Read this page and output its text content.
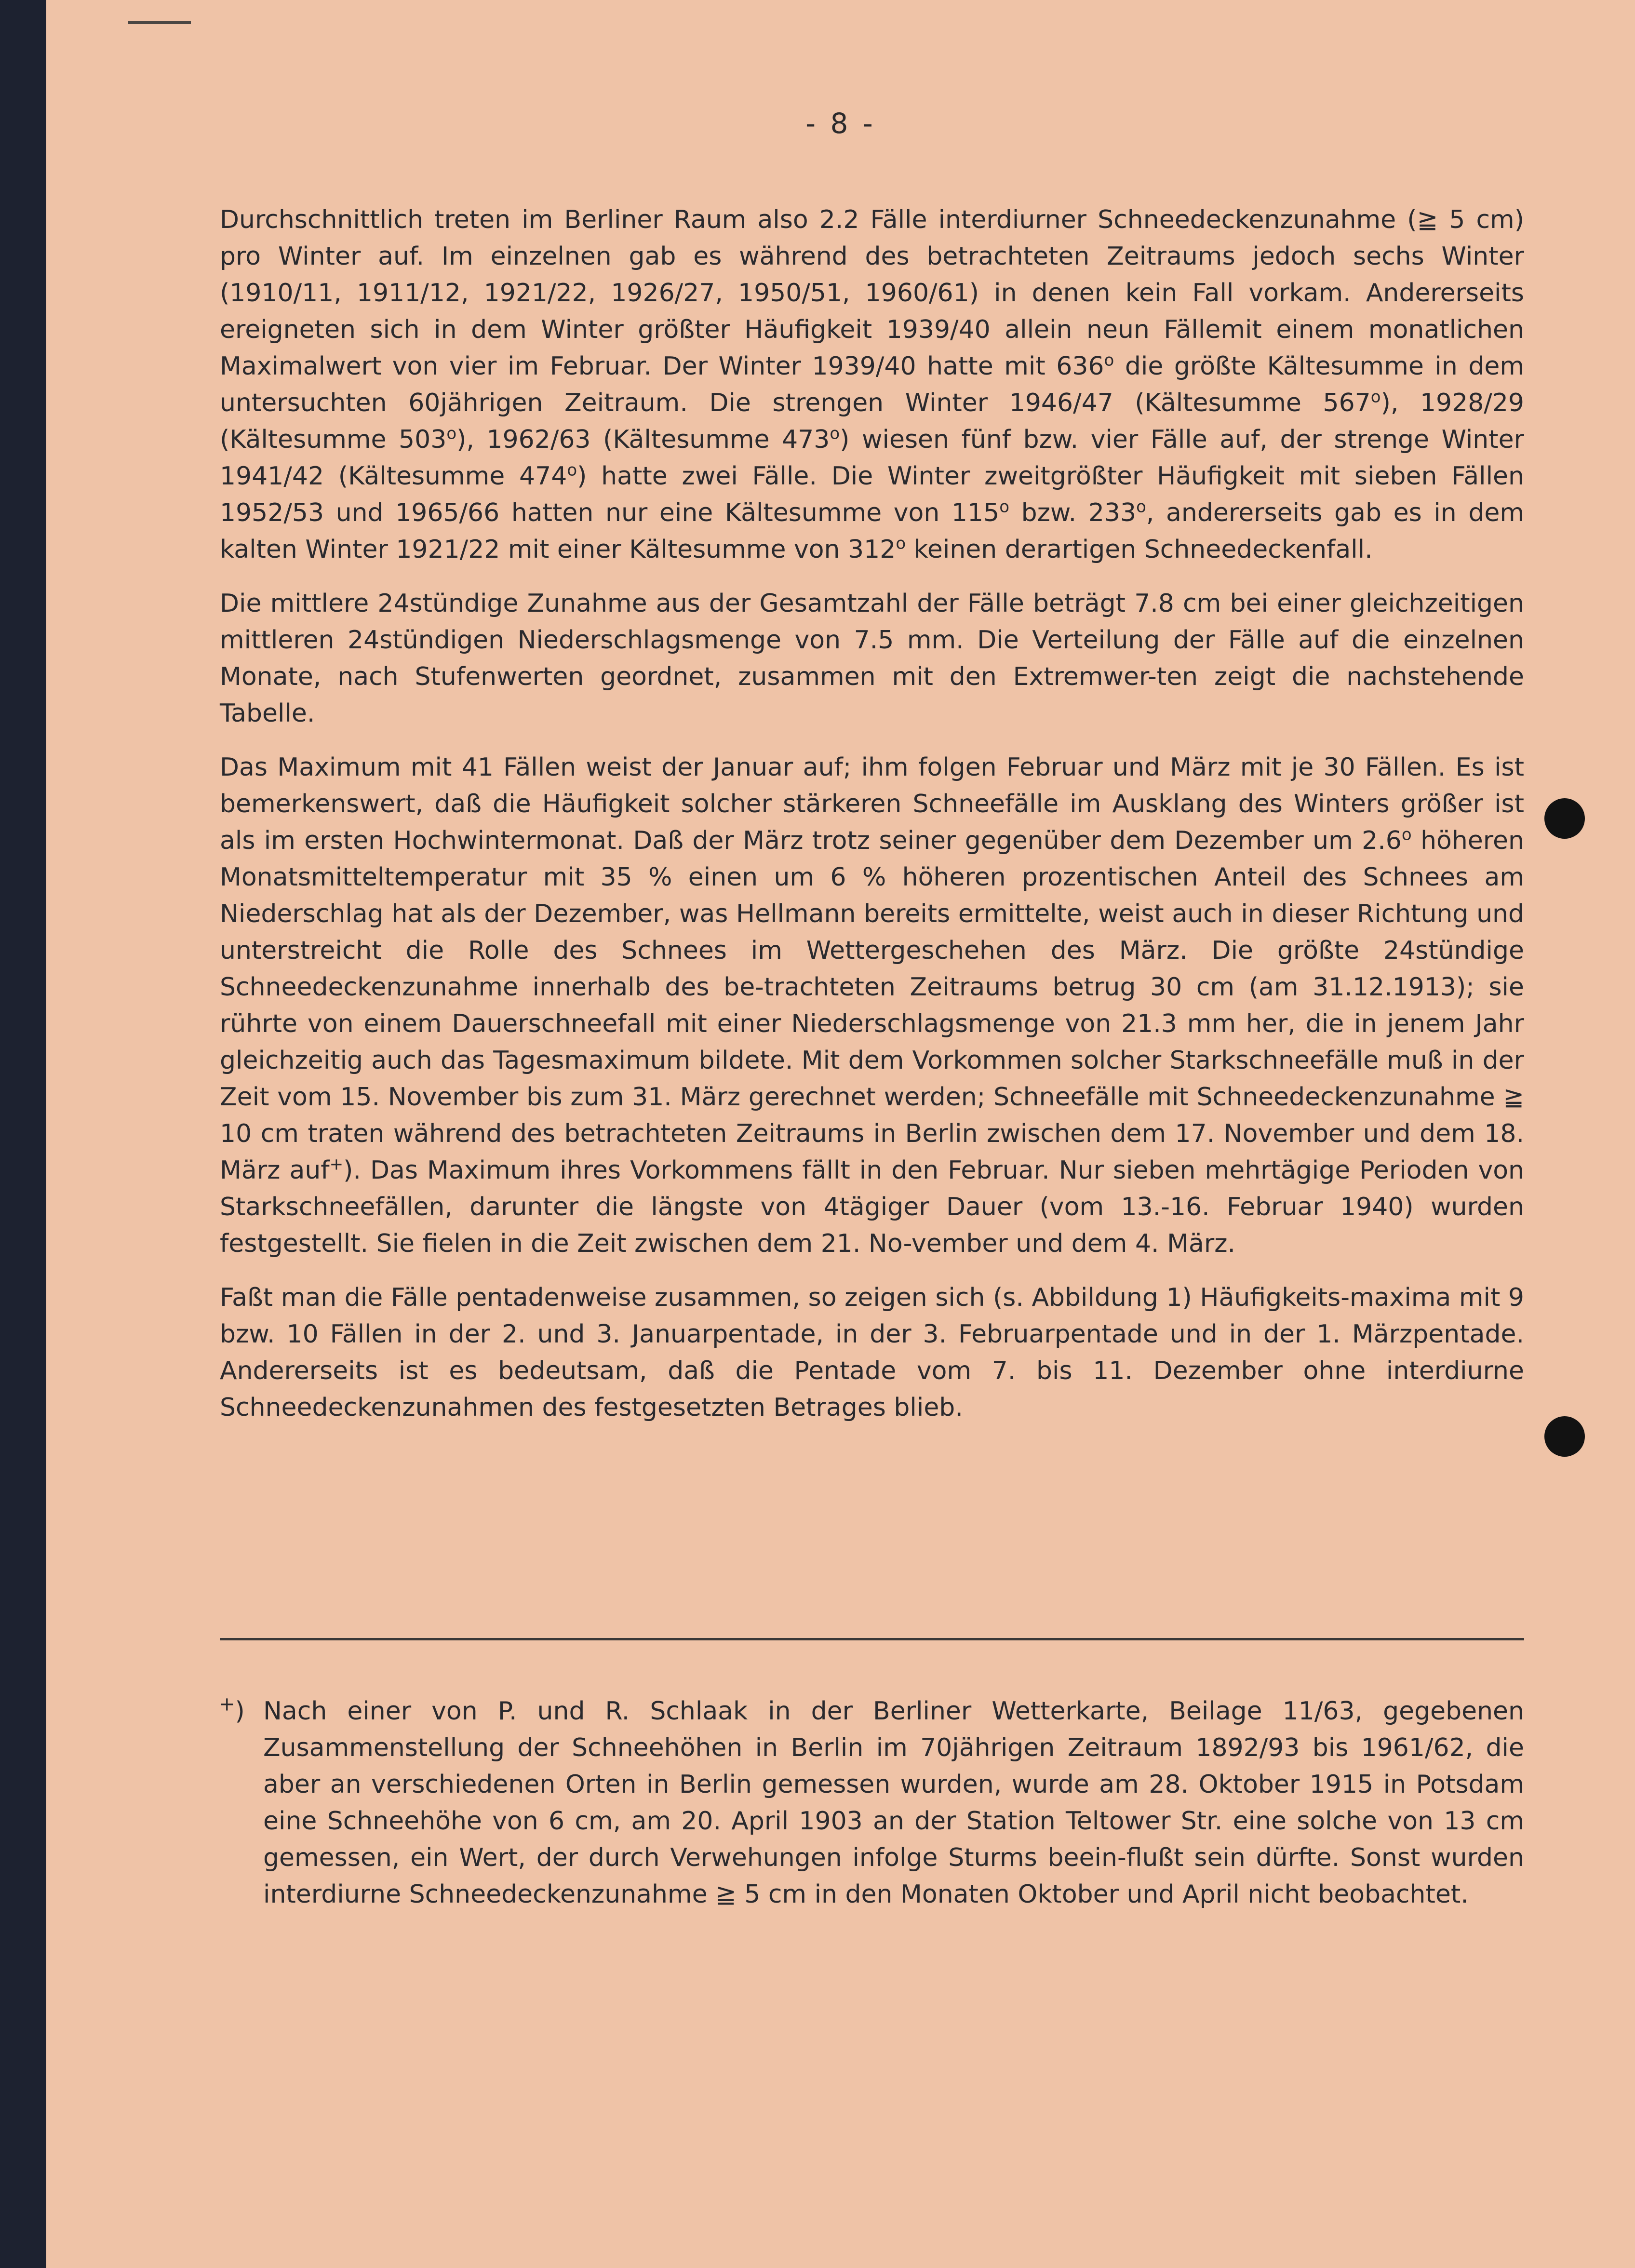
- 8 -

Durchschnittlich treten im Berliner Raum also 2.2 Fälle interdiurner Schneedeckenzunahme (≧ 5 cm) pro Winter auf. Im einzelnen gab es während des betrachteten Zeitraums jedoch sechs Winter (1910/11, 1911/12, 1921/22, 1926/27, 1950/51, 1960/61) in denen kein Fall vorkam. Andererseits ereigneten sich in dem Winter größter Häufigkeit 1939/40 allein neun Fällemit einem monatlichen Maximalwert von vier im Februar. Der Winter 1939/40 hatte mit 636$^o$ die größte Kältesumme in dem untersuchten 60jährigen Zeitraum. Die strengen Winter 1946/47 (Kältesumme 567$^o$), 1928/29 (Kältesumme 503$^o$), 1962/63 (Kältesumme 473$^o$) wiesen fünf bzw. vier Fälle auf, der strenge Winter 1941/42 (Kältesumme 474$^o$) hatte zwei Fälle. Die Winter zweitgrößter Häufigkeit mit sieben Fällen 1952/53 und 1965/66 hatten nur eine Kältesumme von 115$^o$ bzw. 233$^o$, andererseits gab es in dem kalten Winter 1921/22 mit einer Kältesumme von 312$^o$ keinen derartigen Schneedeckenfall.

Die mittlere 24stündige Zunahme aus der Gesamtzahl der Fälle beträgt 7.8 cm bei einer gleichzeitigen mittleren 24stündigen Niederschlagsmenge von 7.5 mm. Die Verteilung der Fälle auf die einzelnen Monate, nach Stufenwerten geordnet, zusammen mit den Extremwer-ten zeigt die nachstehende Tabelle.

Das Maximum mit 41 Fällen weist der Januar auf; ihm folgen Februar und März mit je 30 Fällen. Es ist bemerkenswert, daß die Häufigkeit solcher stärkeren Schneefälle im Ausklang des Winters größer ist als im ersten Hochwintermonat. Daß der März trotz seiner gegenüber dem Dezember um 2.6$^o$ höheren Monatsmitteltemperatur mit 35 % einen um 6 % höheren prozentischen Anteil des Schnees am Niederschlag hat als der Dezember, was Hellmann bereits ermittelte, weist auch in dieser Richtung und unterstreicht die Rolle des Schnees im Wettergeschehen des März. Die größte 24stündige Schneedeckenzunahme innerhalb des be-trachteten Zeitraums betrug 30 cm (am 31.12.1913); sie rührte von einem Dauerschneefall mit einer Niederschlagsmenge von 21.3 mm her, die in jenem Jahr gleichzeitig auch das Tagesmaximum bildete. Mit dem Vorkommen solcher Starkschneefälle muß in der Zeit vom 15. November bis zum 31. März gerechnet werden; Schneefälle mit Schneedeckenzunahme ≧ 10 cm traten während des betrachteten Zeitraums in Berlin zwischen dem 17. November und dem 18. März auf+). Das Maximum ihres Vorkommens fällt in den Februar. Nur sieben mehrtägige Perioden von Starkschneefällen, darunter die längste von 4tägiger Dauer (vom 13.-16. Februar 1940) wurden festgestellt. Sie fielen in die Zeit zwischen dem 21. No-vember und dem 4. März.

Faßt man die Fälle pentadenweise zusammen, so zeigen sich (s. Abbildung 1) Häufigkeits-maxima mit 9 bzw. 10 Fällen in der 2. und 3. Januarpentade, in der 3. Februarpentade und in der 1. Märzpentade. Andererseits ist es bedeutsam, daß die Pentade vom 7. bis 11. Dezember ohne interdiurne Schneedeckenzunahmen des festgesetzten Betrages blieb.

+) Nach einer von P. und R. Schlaak in der Berliner Wetterkarte, Beilage 11/63, gegebenen Zusammenstellung der Schneehöhen in Berlin im 70jährigen Zeitraum 1892/93 bis 1961/62, die aber an verschiedenen Orten in Berlin gemessen wurden, wurde am 28. Oktober 1915 in Potsdam eine Schneehöhe von 6 cm, am 20. April 1903 an der Station Teltower Str. eine solche von 13 cm gemessen, ein Wert, der durch Verwehungen infolge Sturms beein-flußt sein dürfte. Sonst wurden interdiurne Schneedeckenzunahme ≧ 5 cm in den Monaten Oktober und April nicht beobachtet.
